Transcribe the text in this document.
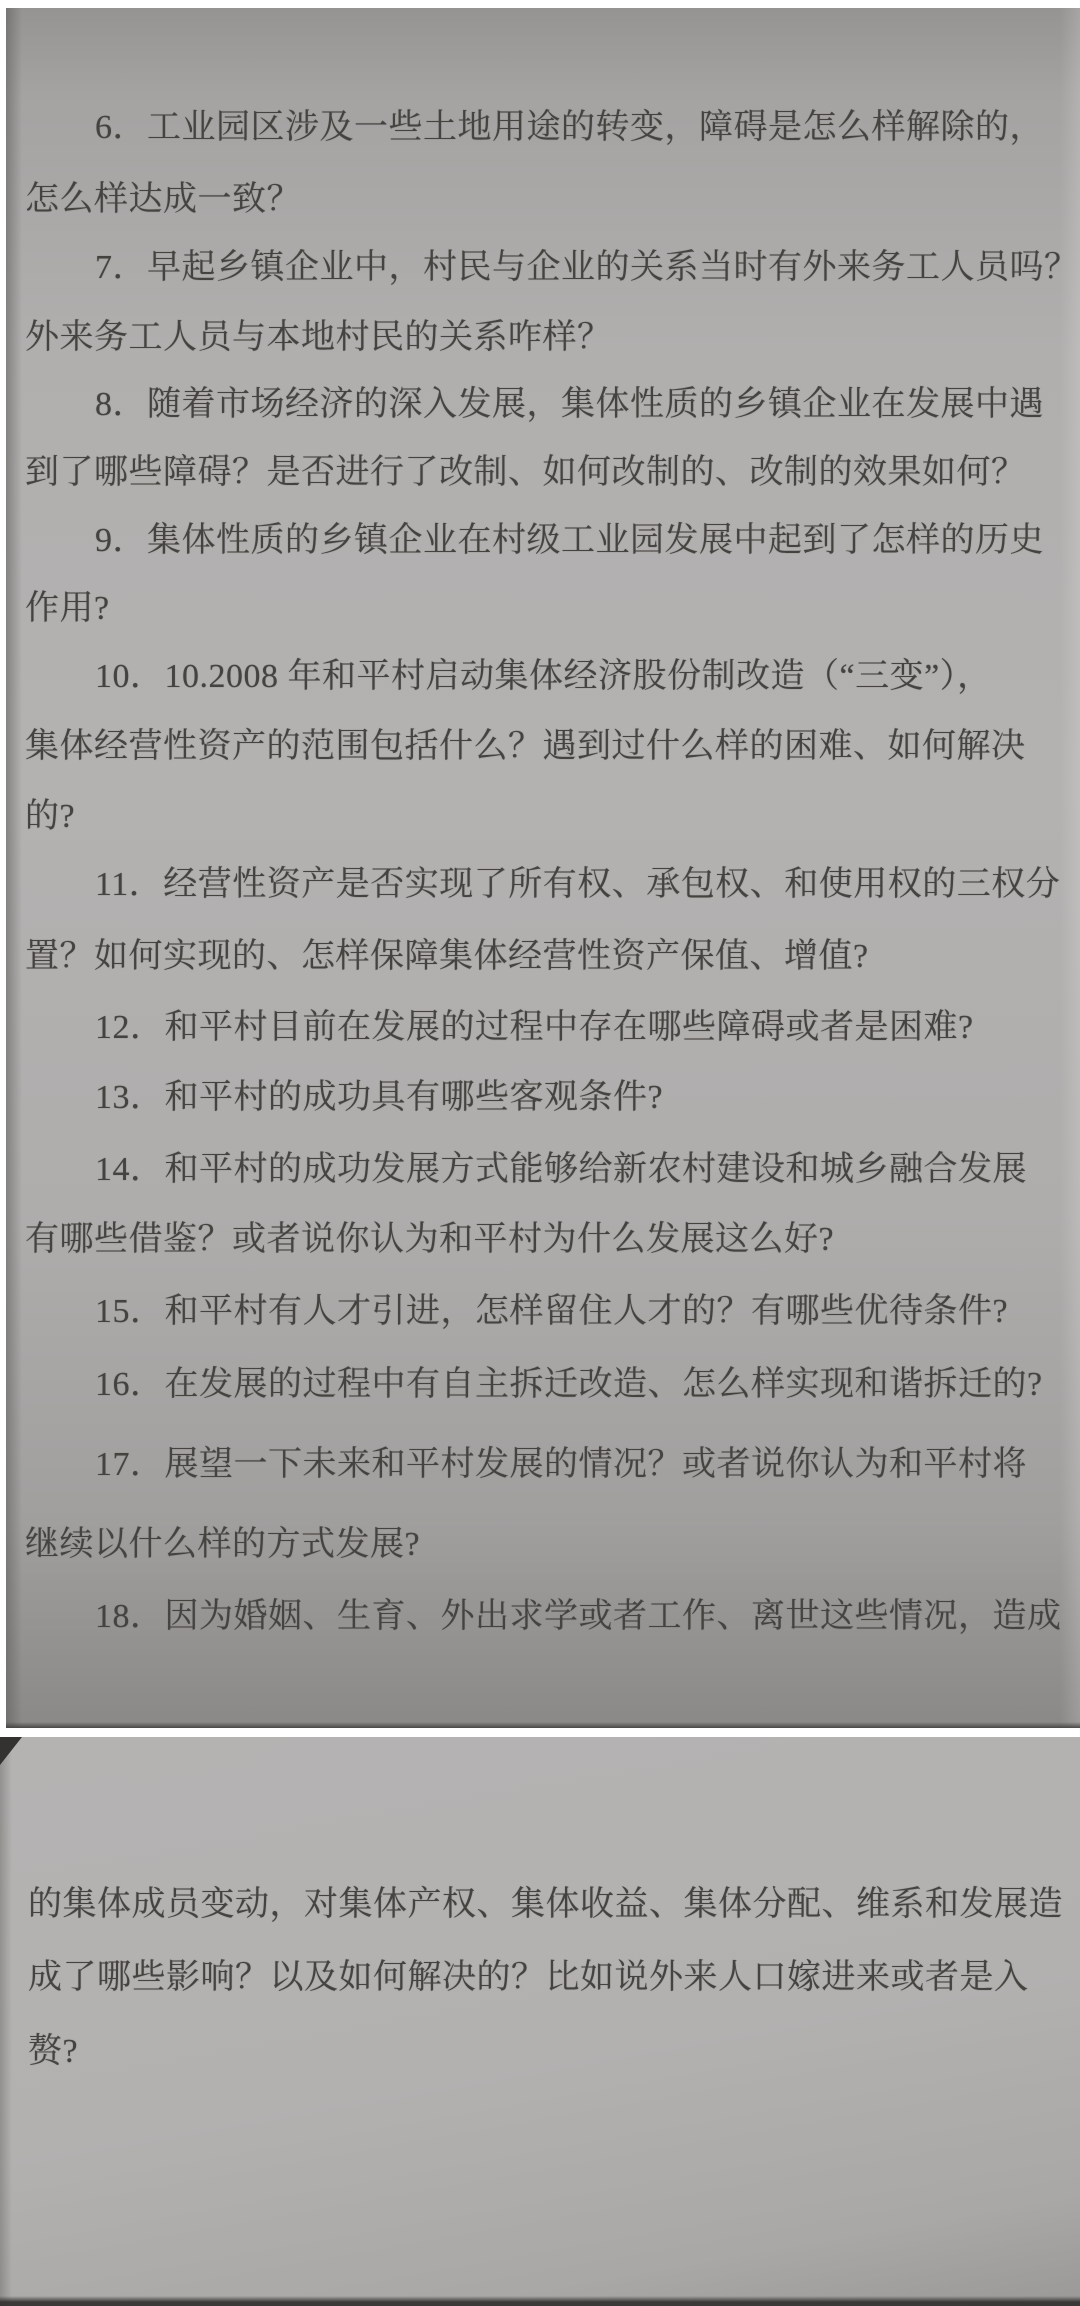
6．工业园区涉及一些土地用途的转变，障碍是怎么样解除的，
怎么样达成一致？
7．早起乡镇企业中，村民与企业的关系当时有外来务工人员吗？
外来务工人员与本地村民的关系咋样？
8．随着市场经济的深入发展，集体性质的乡镇企业在发展中遇
到了哪些障碍？是否进行了改制、如何改制的、改制的效果如何？
9．集体性质的乡镇企业在村级工业园发展中起到了怎样的历史
作用?
10．10.2008 年和平村启动集体经济股份制改造（“三变”），
集体经营性资产的范围包括什么？遇到过什么样的困难、如何解决
的?
11．经营性资产是否实现了所有权、承包权、和使用权的三权分
置？如何实现的、怎样保障集体经营性资产保值、增值?
12．和平村目前在发展的过程中存在哪些障碍或者是困难?
13．和平村的成功具有哪些客观条件?
14．和平村的成功发展方式能够给新农村建设和城乡融合发展
有哪些借鉴？或者说你认为和平村为什么发展这么好?
15．和平村有人才引进，怎样留住人才的？有哪些优待条件?
16．在发展的过程中有自主拆迁改造、怎么样实现和谐拆迁的?
17．展望一下未来和平村发展的情况？或者说你认为和平村将
继续以什么样的方式发展?
18．因为婚姻、生育、外出求学或者工作、离世这些情况，造成
的集体成员变动，对集体产权、集体收益、集体分配、维系和发展造
成了哪些影响？以及如何解决的？比如说外来人口嫁进来或者是入
赘?
